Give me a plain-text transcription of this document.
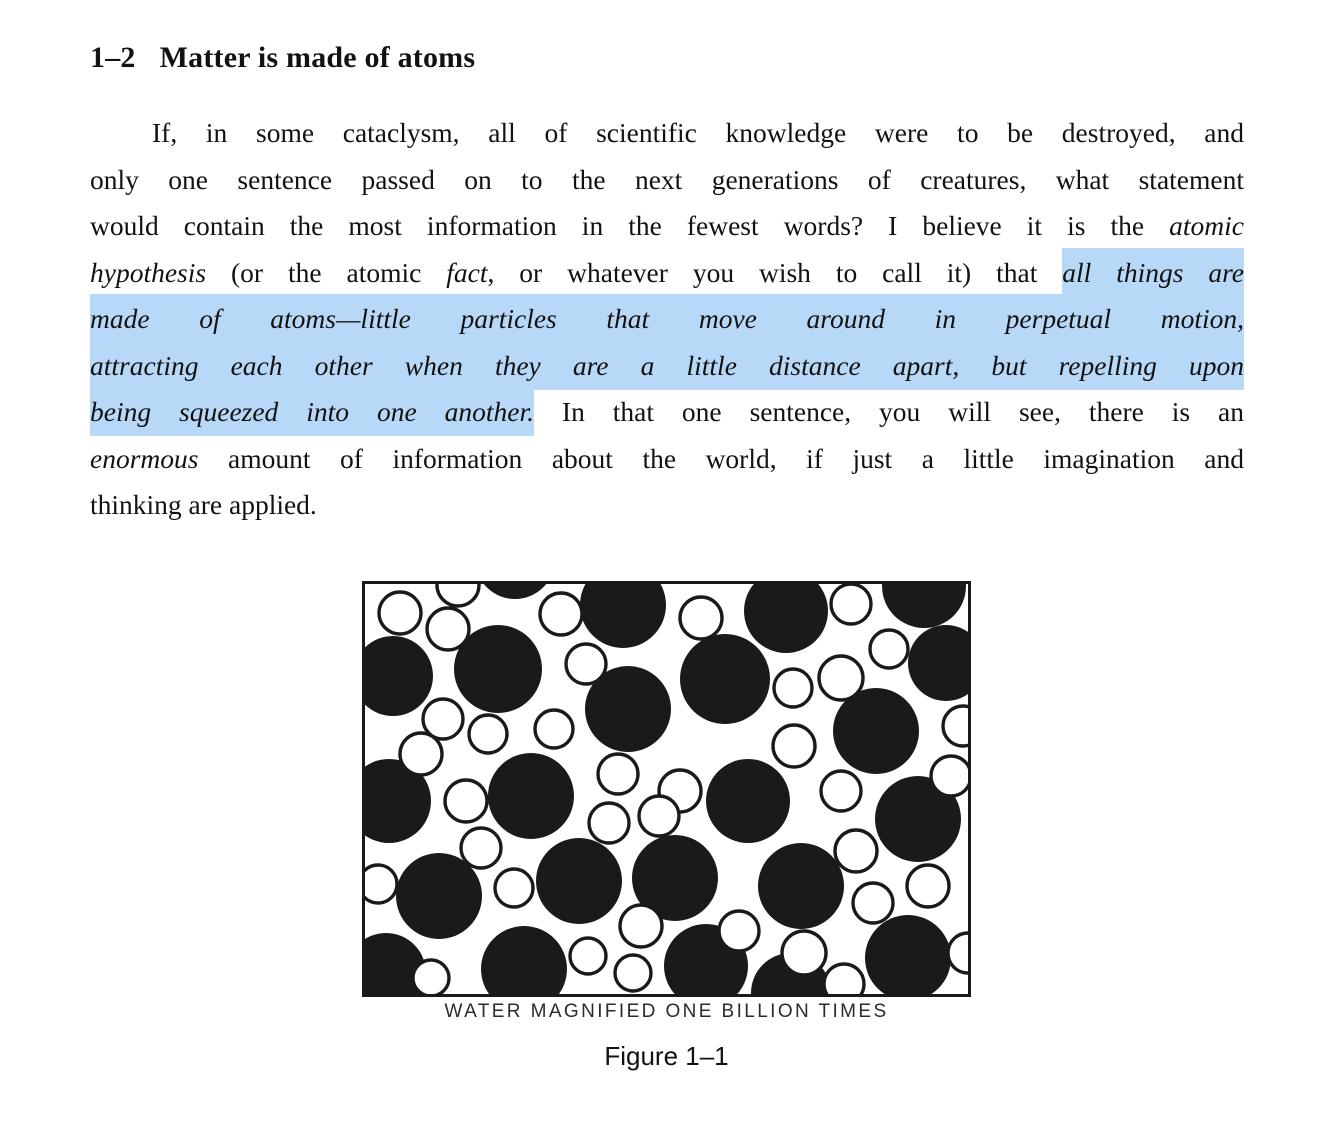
1–2 Matter is made of atoms
If, in some cataclysm, all of scientific knowledge were to be destroyed, and
only one sentence passed on to the next generations of creatures, what statement
would contain the most information in the fewest words? I believe it is the atomic
hypothesis (or the atomic fact, or whatever you wish to call it) that all things are
made of atoms—little particles that move around in perpetual motion,
attracting each other when they are a little distance apart, but repelling upon
being squeezed into one another. In that one sentence, you will see, there is an
enormous amount of information about the world, if just a little imagination and
thinking are applied.
WATER MAGNIFIED ONE BILLION TIMES
Figure 1–1
